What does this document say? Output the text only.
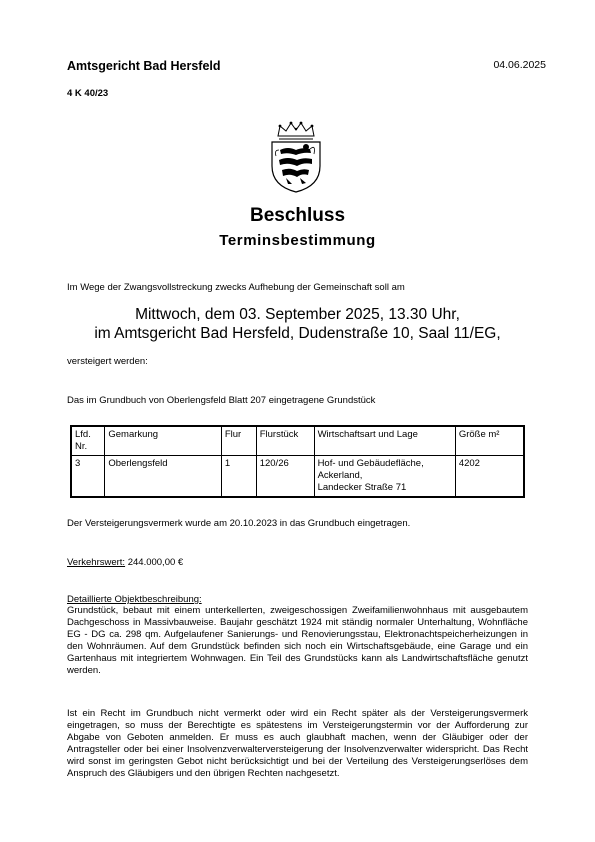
Amtsgericht Bad Hersfeld	04.06.2025
4 K 40/23
Beschluss
Terminsbestimmung
Im Wege der Zwangsvollstreckung zwecks Aufhebung der Gemeinschaft soll am
Mittwoch, dem 03. September 2025, 13.30 Uhr,
im Amtsgericht Bad Hersfeld, Dudenstraße 10, Saal 11/EG,
versteigert werden:
Das im Grundbuch von Oberlengsfeld Blatt 207 eingetragene Grundstück
Lfd. Nr.	Gemarkung	Flur	Flurstück	Wirtschaftsart und Lage	Größe m²
3	Oberlengsfeld	1	120/26	Hof- und Gebäudefläche,
Ackerland,
Landecker Straße 71	4202
Der Versteigerungsvermerk wurde am 20.10.2023 in das Grundbuch eingetragen.
Verkehrswert: 244.000,00 €
Detaillierte Objektbeschreibung:
Grundstück, bebaut mit einem unterkellerten, zweigeschossigen Zweifamilienwohnhaus mit ausgebautem Dachgeschoss in Massivbauweise. Baujahr geschätzt 1924 mit ständig normaler Unterhaltung, Wohnfläche EG - DG ca. 298 qm. Aufgelaufener Sanierungs- und Renovierungsstau, Elektronachtspeicherheizungen in den Wohnräumen. Auf dem Grundstück befinden sich noch ein Wirtschaftsgebäude, eine Garage und ein Gartenhaus mit integriertem Wohnwagen. Ein Teil des Grundstücks kann als Landwirtschaftsfläche genutzt werden.
Ist ein Recht im Grundbuch nicht vermerkt oder wird ein Recht später als der Versteigerungsvermerk eingetragen, so muss der Berechtigte es spätestens im Versteigerungstermin vor der Aufforderung zur Abgabe von Geboten anmelden. Er muss es auch glaubhaft machen, wenn der Gläubiger oder der Antragsteller oder bei einer Insolvenzverwalterversteigerung der Insolvenzverwalter widerspricht. Das Recht wird sonst im geringsten Gebot nicht berücksichtigt und bei der Verteilung des Versteigerungserlöses dem Anspruch des Gläubigers und den übrigen Rechten nachgesetzt.
